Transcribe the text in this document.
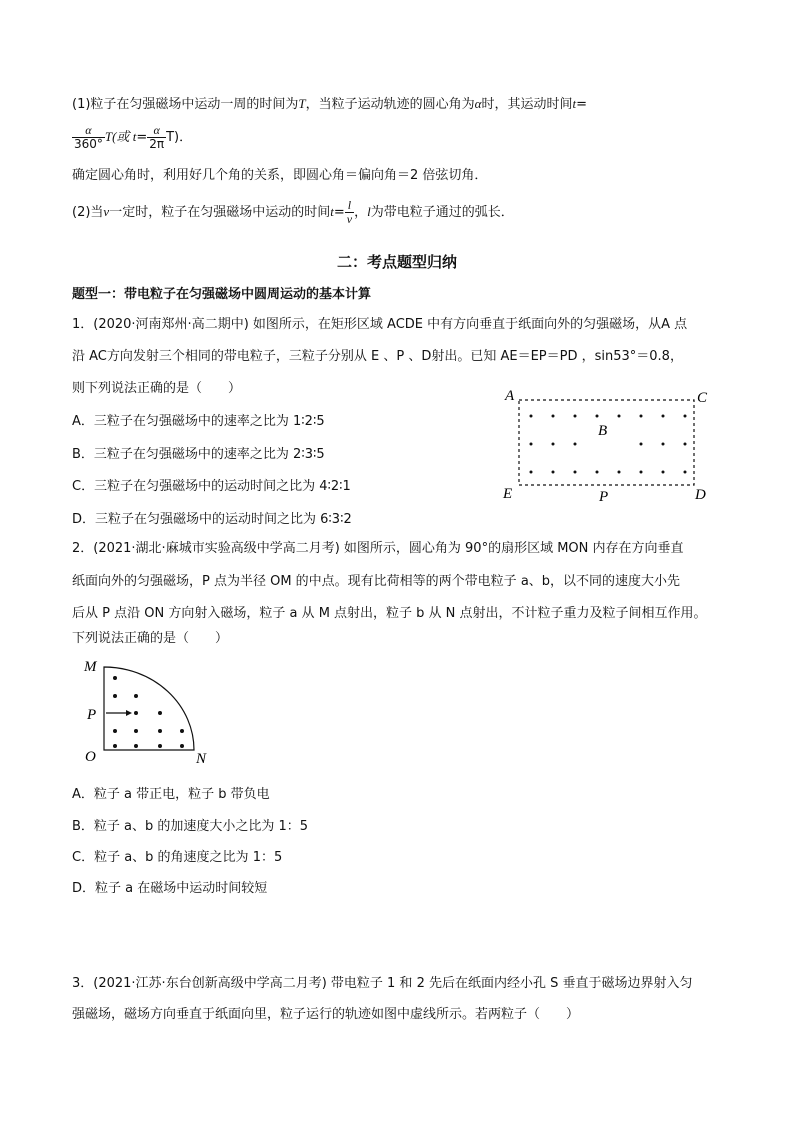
(1)粒子在匀强磁场中运动一周的时间为T，当粒子运动轨迹的圆心角为α时，其运动时间t=
$\frac{\alpha}{360^\circ} T$(或 $t= \frac{\alpha}{2\pi} T$)．
确定圆心角时，利用好几个角的关系，即圆心角＝偏向角＝2 倍弦切角．
(2)当v一定时，粒子在匀强磁场中运动的时间$t= \frac{l}{v}$ ，l为带电粒子通过的弧长．
二：考点题型归纳
题型一：带电粒子在匀强磁场中圆周运动的基本计算
1．(2020·河南郑州·高二期中) 如图所示，在矩形区域 ACDE 中有方向垂直于纸面向外的匀强磁场，从A 点
沿 AC方向发射三个相同的带电粒子，三粒子分别从 E 、P 、D射出。已知 AE＝EP＝PD ，sin53°＝0.8，
则下列说法正确的是（　　）
A．三粒子在匀强磁场中的速率之比为 1∶2∶5
B．三粒子在匀强磁场中的速率之比为 2∶3∶5
C．三粒子在匀强磁场中的运动时间之比为 4∶2∶1
D．三粒子在匀强磁场中的运动时间之比为 6∶3∶2
A	C
B
E	P	D
2．(2021·湖北·麻城市实验高级中学高二月考) 如图所示，圆心角为 90°的扇形区域 MON 内存在方向垂直
纸面向外的匀强磁场，P 点为半径 OM 的中点。现有比荷相等的两个带电粒子 a、b，以不同的速度大小先
后从 P 点沿 ON 方向射入磁场，粒子 a 从 M 点射出，粒子 b 从 N 点射出，不计粒子重力及粒子间相互作用。
下列说法正确的是（　　）
M
P
O	N
A．粒子 a 带正电，粒子 b 带负电
B．粒子 a、b 的加速度大小之比为 1：5
C．粒子 a、b 的角速度之比为 1：5
D．粒子 a 在磁场中运动时间较短
3．(2021·江苏·东台创新高级中学高二月考) 带电粒子 1 和 2 先后在纸面内经小孔 S 垂直于磁场边界射入匀
强磁场，磁场方向垂直于纸面向里，粒子运行的轨迹如图中虚线所示。若两粒子（　　）
